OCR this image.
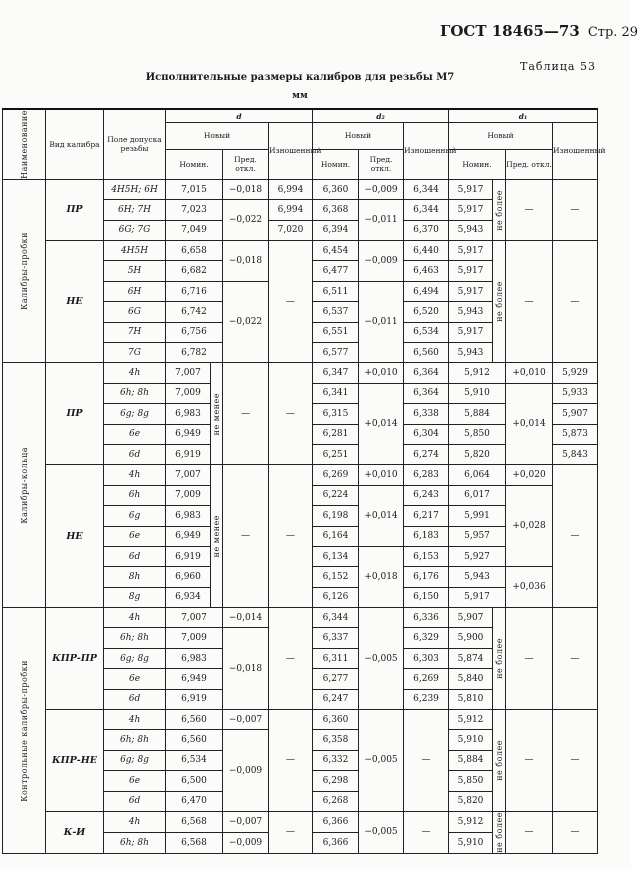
ГОСТ 18465—73 Стр. 29
Таблица 53
Исполнительные размеры калибров для резьбы М7
мм
Наименование	Вид калибра	Поле допуска резьбы	d				d₂			d₁			
			Новый			Изношенный	Новый		Изношенный	Новый			Изношенный
			Номин.		Пред. откл.		Номин.	Пред. откл.		Номин.		Пред. откл.	

Калибры-пробки	ПР	4H5H; 6H	7,015		−0,018	6,994	6,360	−0,009	6,344	5,917	не более	—	—
		6H; 7H	7,023		−0,022	6,994	6,368	−0,011	6,344	5,917			
		6G; 7G	7,049			7,020	6,394		6,370	5,943			
	НЕ	4H5H	6,658		−0,018	—	6,454	−0,009	6,440	5,917	не более	—	—
		5H	6,682				6,477		6,463	5,917			
		6H	6,716		−0,022		6,511	−0,011	6,494	5,917			
		6G	6,742				6,537		6,520	5,943			
		7H	6,756				6,551		6,534	5,917			
		7G	6,782				6,577		6,560	5,943			

Калибры-кольца	ПР	4h	7,007	не менее	—	—	6,347	+0,010	6,364	5,912		+0,010	5,929
		6h; 8h	7,009				6,341	+0,014	6,364	5,910		+0,014	5,933
		6g; 8g	6,983				6,315		6,338	5,884			5,907
		6e	6,949				6,281		6,304	5,850			5,873
		6d	6,919				6,251		6,274	5,820			5,843
	НЕ	4h	7,007	не менее	—	—	6,269	+0,010	6,283	6,064		+0,020	—
		6h	7,009				6,224	+0,014	6,243	6,017		+0,028	
		6g	6,983				6,198		6,217	5,991			
		6e	6,949				6,164		6,183	5,957			
		6d	6,919				6,134	+0,018	6,153	5,927			
		8h	6,960				6,152		6,176	5,943		+0,036	
		8g	6,934				6,126		6,150	5,917			

Контрольные калибры-пробки	КПР-ПР	4h	7,007		−0,014	—	6,344	−0,005	6,336	5,907	не более	—	—
		6h; 8h	7,009		−0,018		6,337		6,329	5,900			
		6g; 8g	6,983				6,311		6,303	5,874			
		6e	6,949				6,277		6,269	5,840			
		6d	6,919				6,247		6,239	5,810			
	КПР-НЕ	4h	6,560		−0,007	—	6,360	−0,005	—	5,912	не более	—	—
		6h; 8h	6,560		−0,009		6,358			5,910			
		6g; 8g	6,534				6,332			5,884			
		6e	6,500				6,298			5,850			
		6d	6,470				6,268			5,820			
	К-И	4h	6,568		−0,007	—	6,366	−0,005	—	5,912	не более	—	—
		6h; 8h	6,568		−0,009		6,366			5,910			
